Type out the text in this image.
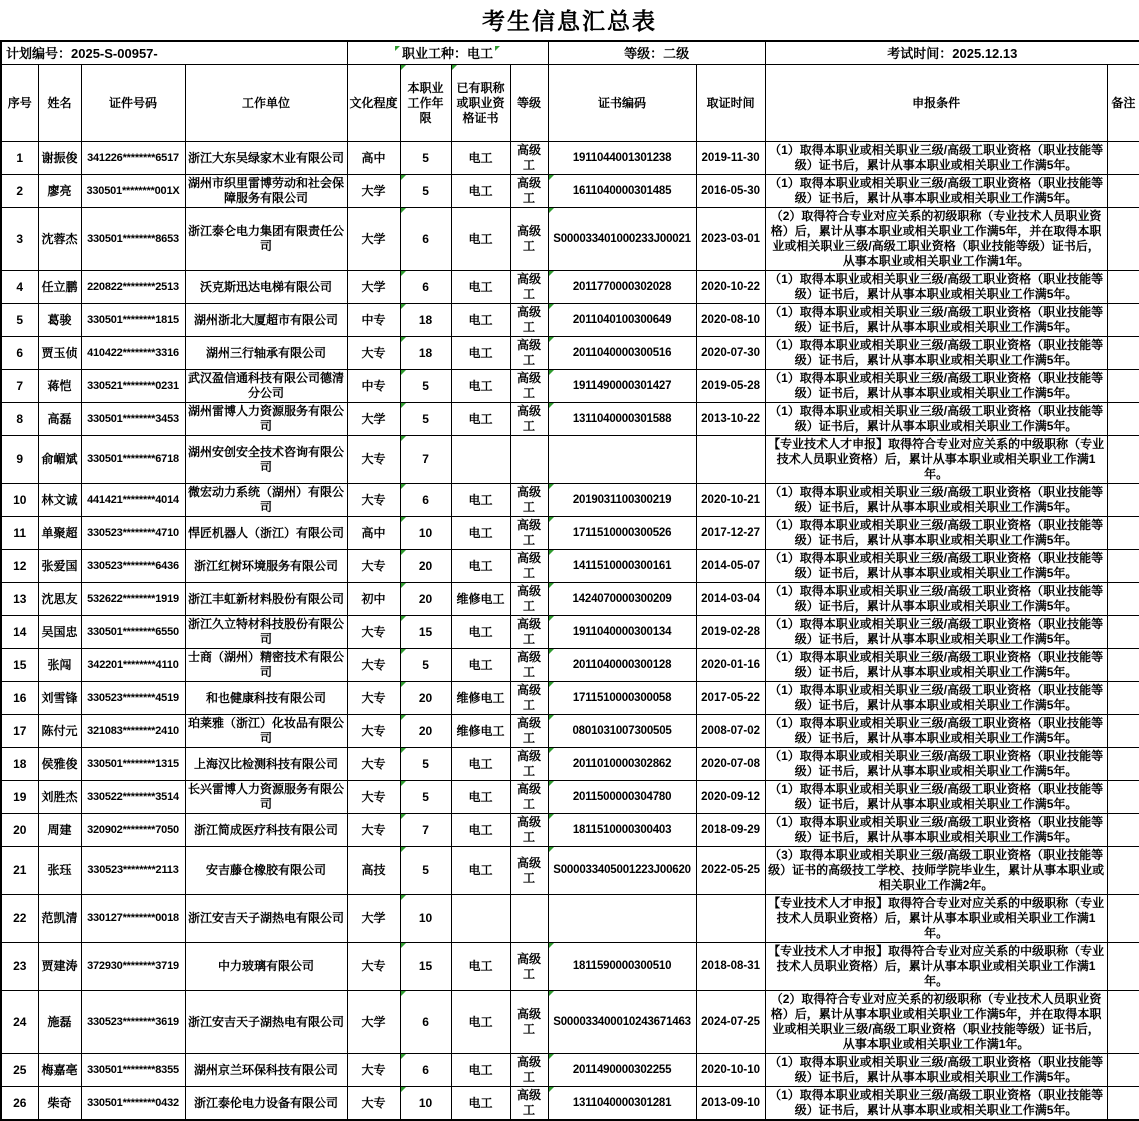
考生信息汇总表
计划编号：2025-S-00957-				职业工种：电工				等级：二级		考试时间：2025.12.13	
序号	姓名	证件号码	工作单位	文化程度	本职业工作年限	已有职称或职业资格证书	等级	证书编码	取证时间	申报条件	备注
1	谢振俊	341226********6517	浙江大东吴绿家木业有限公司	高中	5	电工	高级工	1911044001301238	2019-11-30	（1）取得本职业或相关职业三级/高级工职业资格（职业技能等级）证书后，累计从事本职业或相关职业工作满5年。	
2	廖亮	330501********001X	湖州市织里雷博劳动和社会保障服务有限公司	大学	5	电工	高级工	1611040000301485	2016-05-30	（1）取得本职业或相关职业三级/高级工职业资格（职业技能等级）证书后，累计从事本职业或相关职业工作满5年。	
3	沈蓉杰	330501********8653	浙江泰仑电力集团有限责任公司	大学	6	电工	高级工	S000033401000233J00021	2023-03-01	（2）取得符合专业对应关系的初级职称（专业技术人员职业资格）后，累计从事本职业或相关职业工作满5年，并在取得本职业或相关职业三级/高级工职业资格（职业技能等级）证书后，从事本职业或相关职业工作满1年。	
4	任立鹏	220822********2513	沃克斯迅达电梯有限公司	大学	6	电工	高级工	2011770000302028	2020-10-22	（1）取得本职业或相关职业三级/高级工职业资格（职业技能等级）证书后，累计从事本职业或相关职业工作满5年。	
5	葛骏	330501********1815	湖州浙北大厦超市有限公司	中专	18	电工	高级工	2011040100300649	2020-08-10	（1）取得本职业或相关职业三级/高级工职业资格（职业技能等级）证书后，累计从事本职业或相关职业工作满5年。	
6	贾玉侦	410422********3316	湖州三行轴承有限公司	大专	18	电工	高级工	2011040000300516	2020-07-30	（1）取得本职业或相关职业三级/高级工职业资格（职业技能等级）证书后，累计从事本职业或相关职业工作满5年。	
7	蒋恺	330521********0231	武汉盈信通科技有限公司德清分公司	中专	5	电工	高级工	1911490000301427	2019-05-28	（1）取得本职业或相关职业三级/高级工职业资格（职业技能等级）证书后，累计从事本职业或相关职业工作满5年。	
8	高磊	330501********3453	湖州雷博人力资源服务有限公司	大学	5	电工	高级工	1311040000301588	2013-10-22	（1）取得本职业或相关职业三级/高级工职业资格（职业技能等级）证书后，累计从事本职业或相关职业工作满5年。	
9	俞嵋斌	330501********6718	湖州安创安全技术咨询有限公司	大专	7					【专业技术人才申报】取得符合专业对应关系的中级职称（专业技术人员职业资格）后，累计从事本职业或相关职业工作满1年。	
10	林文诚	441421********4014	微宏动力系统（湖州）有限公司	大专	6	电工	高级工	2019031100300219	2020-10-21	（1）取得本职业或相关职业三级/高级工职业资格（职业技能等级）证书后，累计从事本职业或相关职业工作满5年。	
11	单聚超	330523********4710	悍匠机器人（浙江）有限公司	高中	10	电工	高级工	1711510000300526	2017-12-27	（1）取得本职业或相关职业三级/高级工职业资格（职业技能等级）证书后，累计从事本职业或相关职业工作满5年。	
12	张爱国	330523********6436	浙江红树环境服务有限公司	大专	20	电工	高级工	1411510000300161	2014-05-07	（1）取得本职业或相关职业三级/高级工职业资格（职业技能等级）证书后，累计从事本职业或相关职业工作满5年。	
13	沈思友	532622********1919	浙江丰虹新材料股份有限公司	初中	20	维修电工	高级工	1424070000300209	2014-03-04	（1）取得本职业或相关职业三级/高级工职业资格（职业技能等级）证书后，累计从事本职业或相关职业工作满5年。	
14	吴国忠	330501********6550	浙江久立特材科技股份有限公司	大专	15	电工	高级工	1911040000300134	2019-02-28	（1）取得本职业或相关职业三级/高级工职业资格（职业技能等级）证书后，累计从事本职业或相关职业工作满5年。	
15	张闯	342201********4110	士商（湖州）精密技术有限公司	大专	5	电工	高级工	2011040000300128	2020-01-16	（1）取得本职业或相关职业三级/高级工职业资格（职业技能等级）证书后，累计从事本职业或相关职业工作满5年。	
16	刘雪锋	330523********4519	和也健康科技有限公司	大专	20	维修电工	高级工	1711510000300058	2017-05-22	（1）取得本职业或相关职业三级/高级工职业资格（职业技能等级）证书后，累计从事本职业或相关职业工作满5年。	
17	陈付元	321083********2410	珀莱雅（浙江）化妆品有限公司	大专	20	维修电工	高级工	0801031007300505	2008-07-02	（1）取得本职业或相关职业三级/高级工职业资格（职业技能等级）证书后，累计从事本职业或相关职业工作满5年。	
18	侯雅俊	330501********1315	上海汉比检测科技有限公司	大专	5	电工	高级工	2011010000302862	2020-07-08	（1）取得本职业或相关职业三级/高级工职业资格（职业技能等级）证书后，累计从事本职业或相关职业工作满5年。	
19	刘胜杰	330522********3514	长兴雷博人力资源服务有限公司	大专	5	电工	高级工	2011500000304780	2020-09-12	（1）取得本职业或相关职业三级/高级工职业资格（职业技能等级）证书后，累计从事本职业或相关职业工作满5年。	
20	周建	320902********7050	浙江简成医疗科技有限公司	大专	7	电工	高级工	1811510000300403	2018-09-29	（1）取得本职业或相关职业三级/高级工职业资格（职业技能等级）证书后，累计从事本职业或相关职业工作满5年。	
21	张珏	330523********2113	安吉藤仓橡胶有限公司	高技	5	电工	高级工	S000033405001223J00620	2022-05-25	（3）取得本职业或相关职业三级/高级工职业资格（职业技能等级）证书的高级技工学校、技师学院毕业生，累计从事本职业或相关职业工作满2年。	
22	范凯清	330127********0018	浙江安吉天子湖热电有限公司	大学	10					【专业技术人才申报】取得符合专业对应关系的中级职称（专业技术人员职业资格）后，累计从事本职业或相关职业工作满1年。	
23	贾建涛	372930********3719	中力玻璃有限公司	大专	15	电工	高级工	1811590000300510	2018-08-31	【专业技术人才申报】取得符合专业对应关系的中级职称（专业技术人员职业资格）后，累计从事本职业或相关职业工作满1年。	
24	施磊	330523********3619	浙江安吉天子湖热电有限公司	大学	6	电工	高级工	S000033400010243671463	2024-07-25	（2）取得符合专业对应关系的初级职称（专业技术人员职业资格）后，累计从事本职业或相关职业工作满5年，并在取得本职业或相关职业三级/高级工职业资格（职业技能等级）证书后，从事本职业或相关职业工作满1年。	
25	梅嘉亳	330501********8355	湖州京兰环保科技有限公司	大专	6	电工	高级工	2011490000302255	2020-10-10	（1）取得本职业或相关职业三级/高级工职业资格（职业技能等级）证书后，累计从事本职业或相关职业工作满5年。	
26	柴奇	330501********0432	浙江泰伦电力设备有限公司	大专	10	电工	高级工	1311040000301281	2013-09-10	（1）取得本职业或相关职业三级/高级工职业资格（职业技能等级）证书后，累计从事本职业或相关职业工作满5年。	
